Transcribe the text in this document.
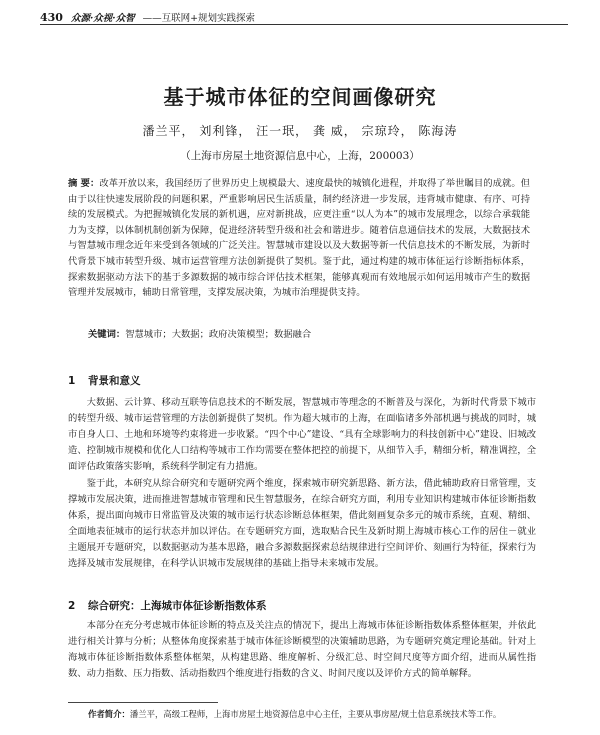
430 众源·众视·众智 ——互联网+规划实践探索
基于城市体征的空间画像研究
潘兰平， 刘利锋， 汪一珉， 龚 威， 宗琼玲， 陈海涛
（上海市房屋土地资源信息中心，上海，200003）
摘 要：改革开放以来，我国经历了世界历史上规模最大、速度最快的城镇化进程，并取得了举世瞩目的成就。但由于以往快速发展阶段的问题积累，严重影响居民生活质量，制约经济进一步发展，违背城市健康、有序、可持续的发展模式。为把握城镇化发展的新机遇，应对新挑战，应更注重“以人为本”的城市发展理念，以综合承载能力为支撑，以体制机制创新为保障，促进经济转型升级和社会和谐进步。随着信息通信技术的发展，大数据技术与智慧城市理念近年来受到各领域的广泛关注。智慧城市建设以及大数据等新一代信息技术的不断发展，为新时代背景下城市转型升级、城市运营管理方法创新提供了契机。鉴于此，通过构建的城市体征运行诊断指标体系，探索数据驱动方法下的基于多源数据的城市综合评估技术框架，能够真观而有效地展示如何运用城市产生的数据管理并发展城市，辅助日常管理，支撑发展决策，为城市治理提供支持。
关键词：智慧城市；大数据；政府决策模型；数据融合
1 背景和意义
大数据、云计算、移动互联等信息技术的不断发展，智慧城市等理念的不断普及与深化，为新时代背景下城市的转型升级、城市运营管理的方法创新提供了契机。作为超大城市的上海，在面临诸多外部机遇与挑战的同时，城市自身人口、土地和环境等约束将进一步收紧。“四个中心”建设、“具有全球影响力的科技创新中心”建设、旧城改造、控制城市规模和优化人口结构等城市工作均需要在整体把控的前提下，从细节入手，精细分析，精准调控，全面评估政策落实影响，系统科学制定有力措施。
鉴于此，本研究从综合研究和专题研究两个维度，探索城市研究新思路、新方法，借此辅助政府日常管理，支撑城市发展决策，进而推进智慧城市管理和民生智慧服务，在综合研究方面，利用专业知识构建城市体征诊断指数体系，提出面向城市日常监管及决策的城市运行状态诊断总体框架，借此刻画复杂多元的城市系统，直观、精细、全面地表征城市的运行状态并加以评估。在专题研究方面，选取贴合民生及新时期上海城市核心工作的居住－就业主题展开专题研究，以数据驱动为基本思路，融合多源数据探索总结规律进行空间评价、刻画行为特征，探索行为选择及城市发展规律，在科学认识城市发展规律的基础上指导未来城市发展。
2 综合研究：上海城市体征诊断指数体系
本部分在充分考虑城市体征诊断的特点及关注点的情况下，提出上海城市体征诊断指数体系整体框架，并依此进行相关计算与分析；从整体角度探索基于城市体征诊断模型的决策辅助思路，为专题研究奠定理论基础。针对上海城市体征诊断指数体系整体框架，从构建思路、维度解析、分级汇总、时空间尺度等方面介绍，进而从属性指数、动力指数、压力指数、活动指数四个维度进行指数的含义、时间尺度以及评价方式的简单解释。
作者简介：潘兰平，高级工程师，上海市房屋土地资源信息中心主任，主要从事房屋/规土信息系统技术等工作。
